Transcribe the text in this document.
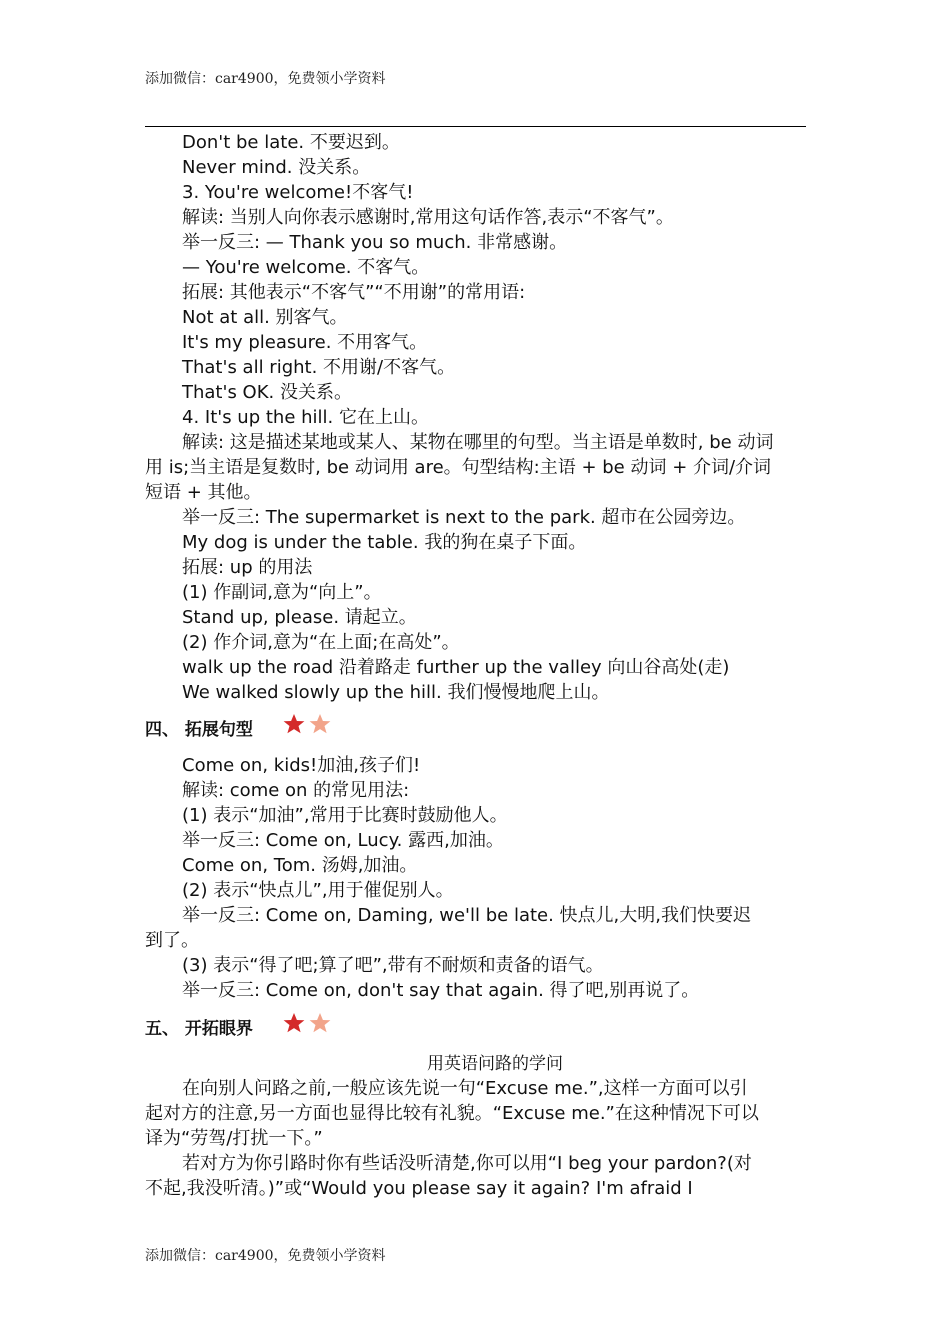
添加微信：car4900，免费领小学资料
Don't be late. 不要迟到。
Never mind. 没关系。
3. You're welcome!不客气!
解读: 当别人向你表示感谢时,常用这句话作答,表示“不客气”。
举一反三: — Thank you so much. 非常感谢。
— You're welcome. 不客气。
拓展: 其他表示“不客气”“不用谢”的常用语:
Not at all. 别客气。
It's my pleasure. 不用客气。
That's all right. 不用谢/不客气。
That's OK. 没关系。
4. It's up the hill. 它在上山。
解读: 这是描述某地或某人、某物在哪里的句型。当主语是单数时, be 动词
用 is;当主语是复数时, be 动词用 are。句型结构:主语 + be 动词 + 介词/介词
短语 + 其他。
举一反三: The supermarket is next to the park. 超市在公园旁边。
My dog is under the table. 我的狗在桌子下面。
拓展: up 的用法
(1) 作副词,意为“向上”。
Stand up, please. 请起立。
(2) 作介词,意为“在上面;在高处”。
walk up the road 沿着路走 further up the valley 向山谷高处(走)
We walked slowly up the hill. 我们慢慢地爬上山。
四、 拓展句型
Come on, kids!加油,孩子们!
解读: come on 的常见用法:
(1) 表示“加油”,常用于比赛时鼓励他人。
举一反三: Come on, Lucy. 露西,加油。
Come on, Tom. 汤姆,加油。
(2) 表示“快点儿”,用于催促别人。
举一反三: Come on, Daming, we'll be late. 快点儿,大明,我们快要迟
到了。
(3) 表示“得了吧;算了吧”,带有不耐烦和责备的语气。
举一反三: Come on, don't say that again. 得了吧,别再说了。
五、 开拓眼界
用英语问路的学问
在向别人问路之前,一般应该先说一句“Excuse me.”,这样一方面可以引
起对方的注意,另一方面也显得比较有礼貌。“Excuse me.”在这种情况下可以
译为“劳驾/打扰一下。”
若对方为你引路时你有些话没听清楚,你可以用“I beg your pardon?(对
不起,我没听清。)”或“Would you please say it again? I'm afraid I
添加微信：car4900，免费领小学资料
